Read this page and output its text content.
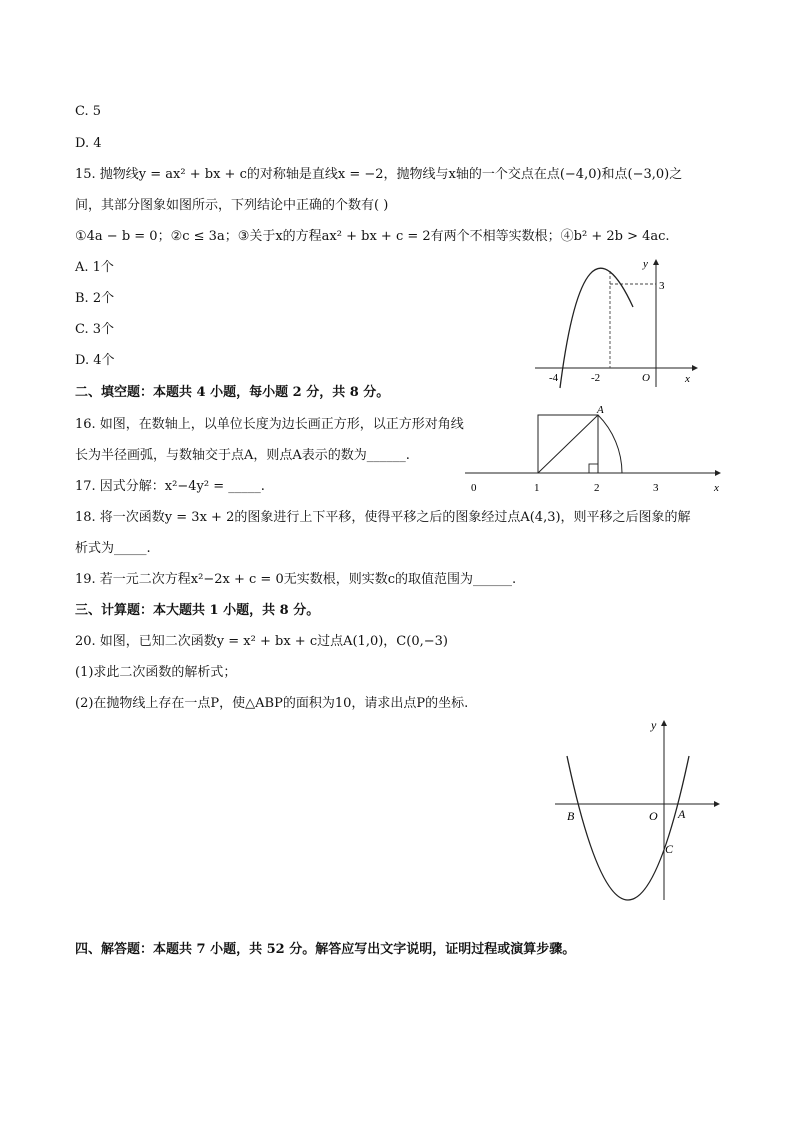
C. 5
D. 4
15. 抛物线y = ax² + bx + c的对称轴是直线x = −2，抛物线与x轴的一个交点在点(−4,0)和点(−3,0)之
间，其部分图象如图所示，下列结论中正确的个数有( )
①4a − b = 0；②c ≤ 3a；③关于x的方程ax² + bx + c = 2有两个不相等实数根；④b² + 2b > 4ac.
A. 1个
B. 2个
C. 3个
D. 4个
y
3
-4	-2	O	x
二、填空题：本题共 4 小题，每小题 2 分，共 8 分。
16. 如图，在数轴上，以单位长度为边长画正方形，以正方形对角线
长为半径画弧，与数轴交于点A，则点A表示的数为______.
A
0	1	2	3	x
17. 因式分解：x²−4y² = _____.
18. 将一次函数y = 3x + 2的图象进行上下平移，使得平移之后的图象经过点A(4,3)，则平移之后图象的解
析式为_____.
19. 若一元二次方程x²−2x + c = 0无实数根，则实数c的取值范围为______.
三、计算题：本大题共 1 小题，共 8 分。
20. 如图，已知二次函数y = x² + bx + c过点A(1,0)，C(0,−3)
(1)求此二次函数的解析式；
(2)在抛物线上存在一点P，使△ABP的面积为10，请求出点P的坐标.
y
B	O A
C
四、解答题：本题共 7 小题，共 52 分。解答应写出文字说明，证明过程或演算步骤。
